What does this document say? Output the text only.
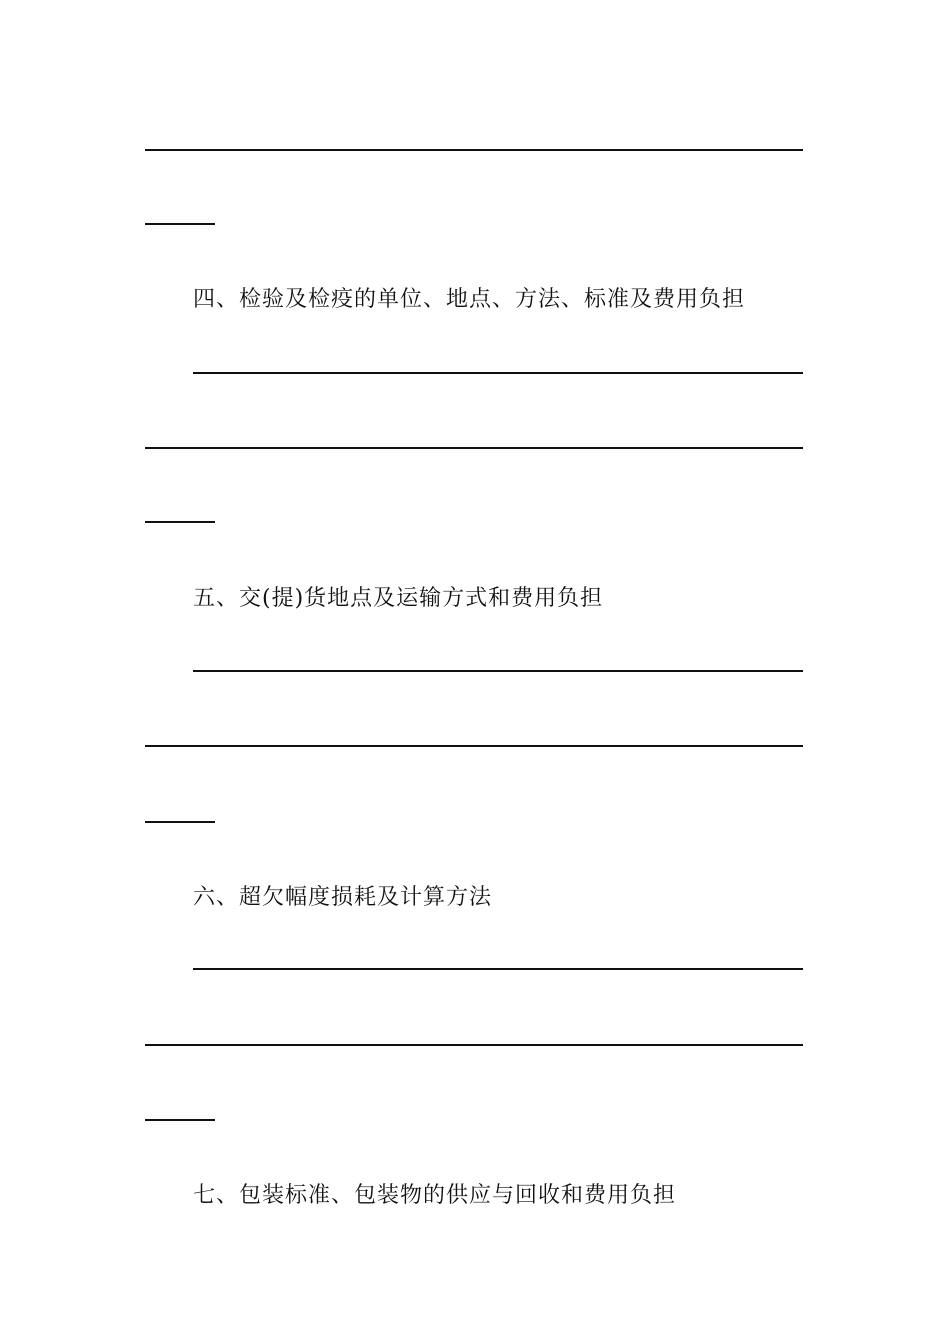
四、检验及检疫的单位、地点、方法、标准及费用负担
五、交(提)货地点及运输方式和费用负担
六、超欠幅度损耗及计算方法
七、包装标准、包装物的供应与回收和费用负担
